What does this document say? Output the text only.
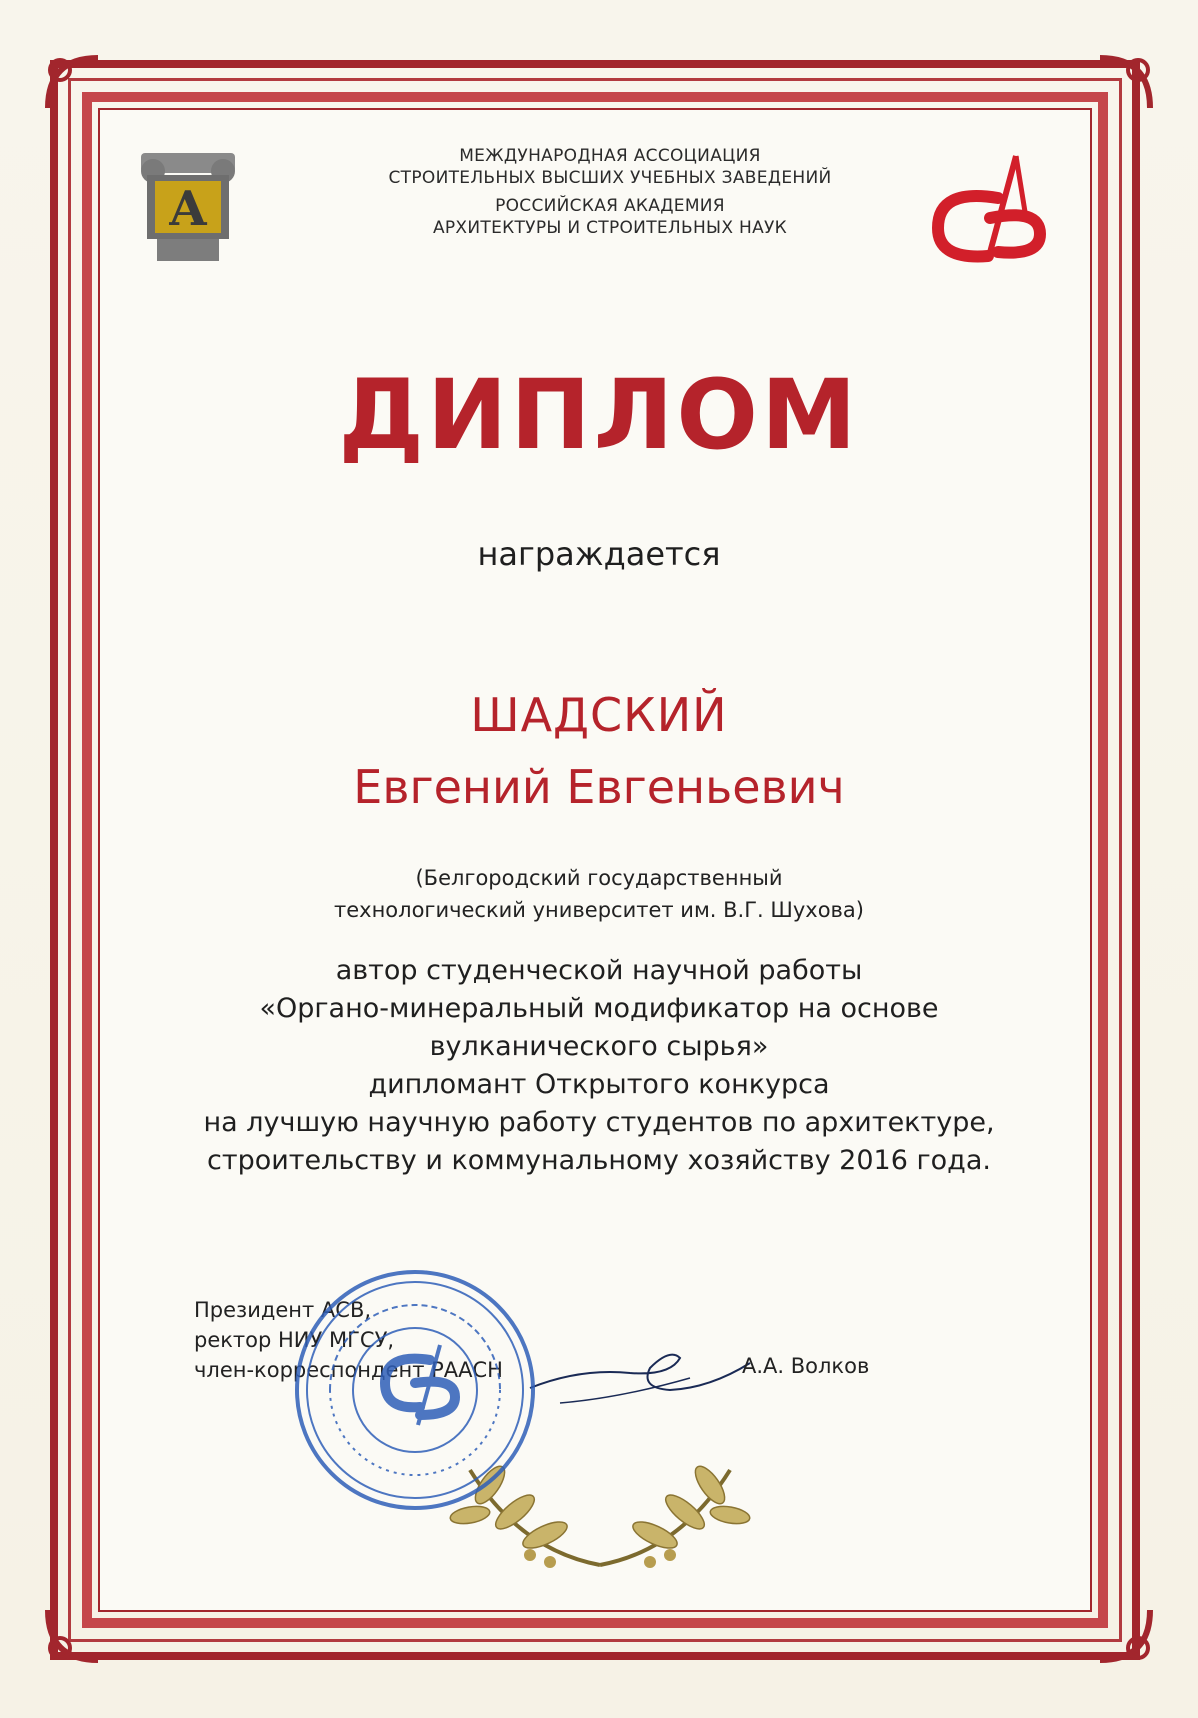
А

МЕЖДУНАРОДНАЯ АССОЦИАЦИЯ

СТРОИТЕЛЬНЫХ ВЫСШИХ УЧЕБНЫХ ЗАВЕДЕНИЙ

РОССИЙСКАЯ АКАДЕМИЯ

АРХИТЕКТУРЫ И СТРОИТЕЛЬНЫХ НАУК

ДИПЛОМ
награждается
ШАДСКИЙ
Евгений Евгеньевич

(Белгородский государственный

технологический университет им. В.Г. Шухова)

автор студенческой научной работы

«Органо-минеральный модификатор на основе

вулканического сырья»

дипломант Открытого конкурса

на лучшую научную работу студентов по архитектуре,

строительству и коммунальному хозяйству 2016 года.

Президент АСВ,

ректор НИУ МГСУ,

член-корреспондент РААСН	А.А. Волков
